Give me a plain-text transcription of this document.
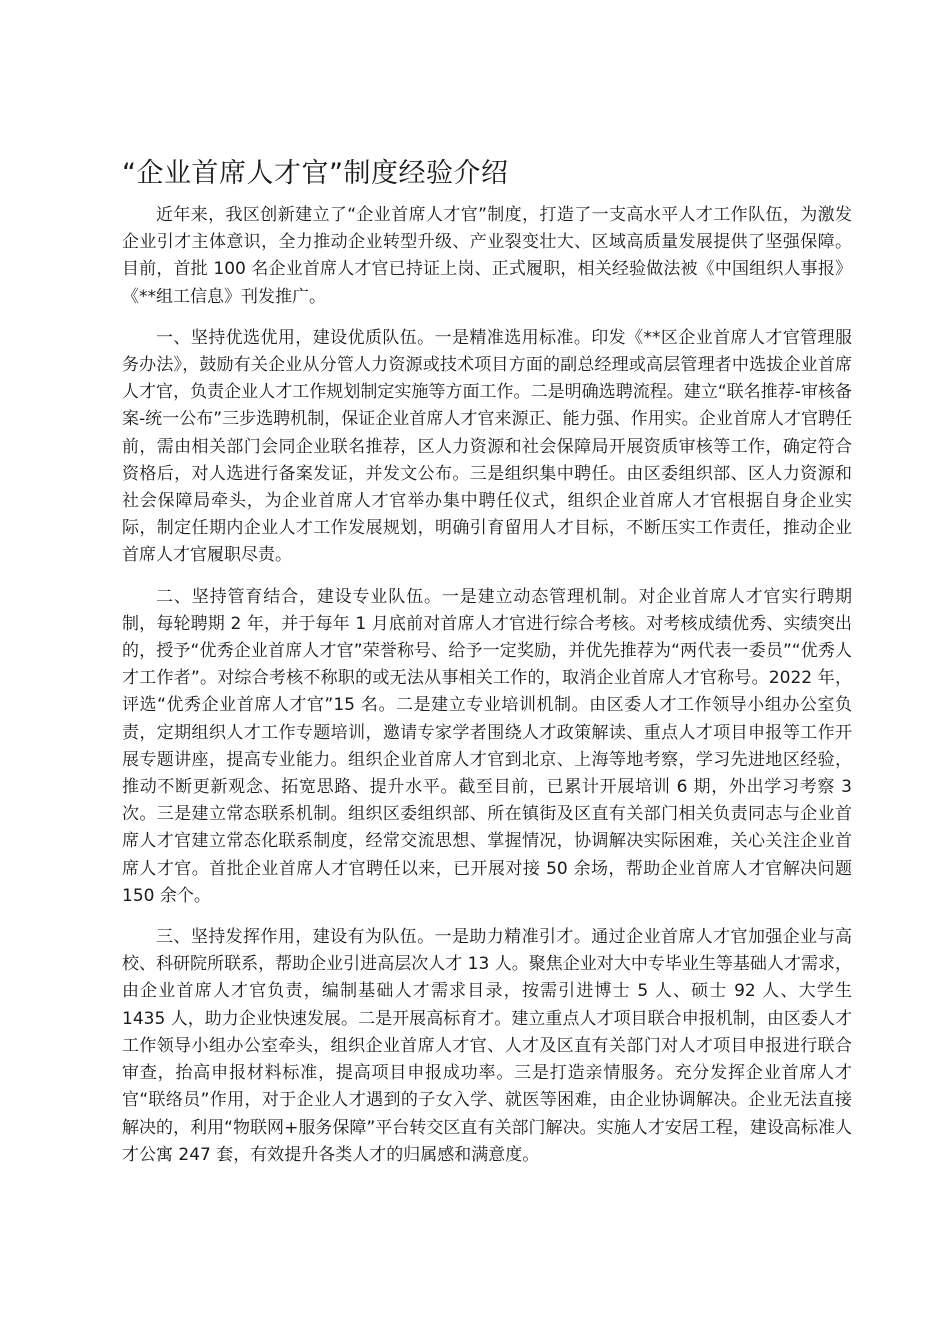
“企业首席人才官”制度经验介绍

近年来，我区创新建立了“企业首席人才官”制度，打造了一支高水平人才工作队伍，为激发企业引才主体意识，全力推动企业转型升级、产业裂变壮大、区域高质量发展提供了坚强保障。目前，首批 100 名企业首席人才官已持证上岗、正式履职，相关经验做法被《中国组织人事报》《**组工信息》刊发推广。

一、坚持优选优用，建设优质队伍。一是精准选用标准。印发《**区企业首席人才官管理服务办法》，鼓励有关企业从分管人力资源或技术项目方面的副总经理或高层管理者中选拔企业首席人才官，负责企业人才工作规划制定实施等方面工作。二是明确选聘流程。建立“联名推荐-审核备案-统一公布”三步选聘机制，保证企业首席人才官来源正、能力强、作用实。企业首席人才官聘任前，需由相关部门会同企业联名推荐，区人力资源和社会保障局开展资质审核等工作，确定符合资格后，对人选进行备案发证，并发文公布。三是组织集中聘任。由区委组织部、区人力资源和社会保障局牵头，为企业首席人才官举办集中聘任仪式，组织企业首席人才官根据自身企业实际，制定任期内企业人才工作发展规划，明确引育留用人才目标，不断压实工作责任，推动企业首席人才官履职尽责。

二、坚持管育结合，建设专业队伍。一是建立动态管理机制。对企业首席人才官实行聘期制，每轮聘期 2 年，并于每年 1 月底前对首席人才官进行综合考核。对考核成绩优秀、实绩突出的，授予“优秀企业首席人才官”荣誉称号、给予一定奖励，并优先推荐为“两代表一委员”“优秀人才工作者”。对综合考核不称职的或无法从事相关工作的，取消企业首席人才官称号。2022 年，评选“优秀企业首席人才官”15 名。二是建立专业培训机制。由区委人才工作领导小组办公室负责，定期组织人才工作专题培训，邀请专家学者围绕人才政策解读、重点人才项目申报等工作开展专题讲座，提高专业能力。组织企业首席人才官到北京、上海等地考察，学习先进地区经验，推动不断更新观念、拓宽思路、提升水平。截至目前，已累计开展培训 6 期，外出学习考察 3 次。三是建立常态联系机制。组织区委组织部、所在镇街及区直有关部门相关负责同志与企业首席人才官建立常态化联系制度，经常交流思想、掌握情况，协调解决实际困难，关心关注企业首席人才官。首批企业首席人才官聘任以来，已开展对接 50 余场，帮助企业首席人才官解决问题 150 余个。

三、坚持发挥作用，建设有为队伍。一是助力精准引才。通过企业首席人才官加强企业与高校、科研院所联系，帮助企业引进高层次人才 13 人。聚焦企业对大中专毕业生等基础人才需求，由企业首席人才官负责，编制基础人才需求目录，按需引进博士 5 人、硕士 92 人、大学生 1435 人，助力企业快速发展。二是开展高标育才。建立重点人才项目联合申报机制，由区委人才工作领导小组办公室牵头，组织企业首席人才官、人才及区直有关部门对人才项目申报进行联合审查，抬高申报材料标准，提高项目申报成功率。三是打造亲情服务。充分发挥企业首席人才官“联络员”作用，对于企业人才遇到的子女入学、就医等困难，由企业协调解决。企业无法直接解决的，利用“物联网+服务保障”平台转交区直有关部门解决。实施人才安居工程，建设高标准人才公寓 247 套，有效提升各类人才的归属感和满意度。
